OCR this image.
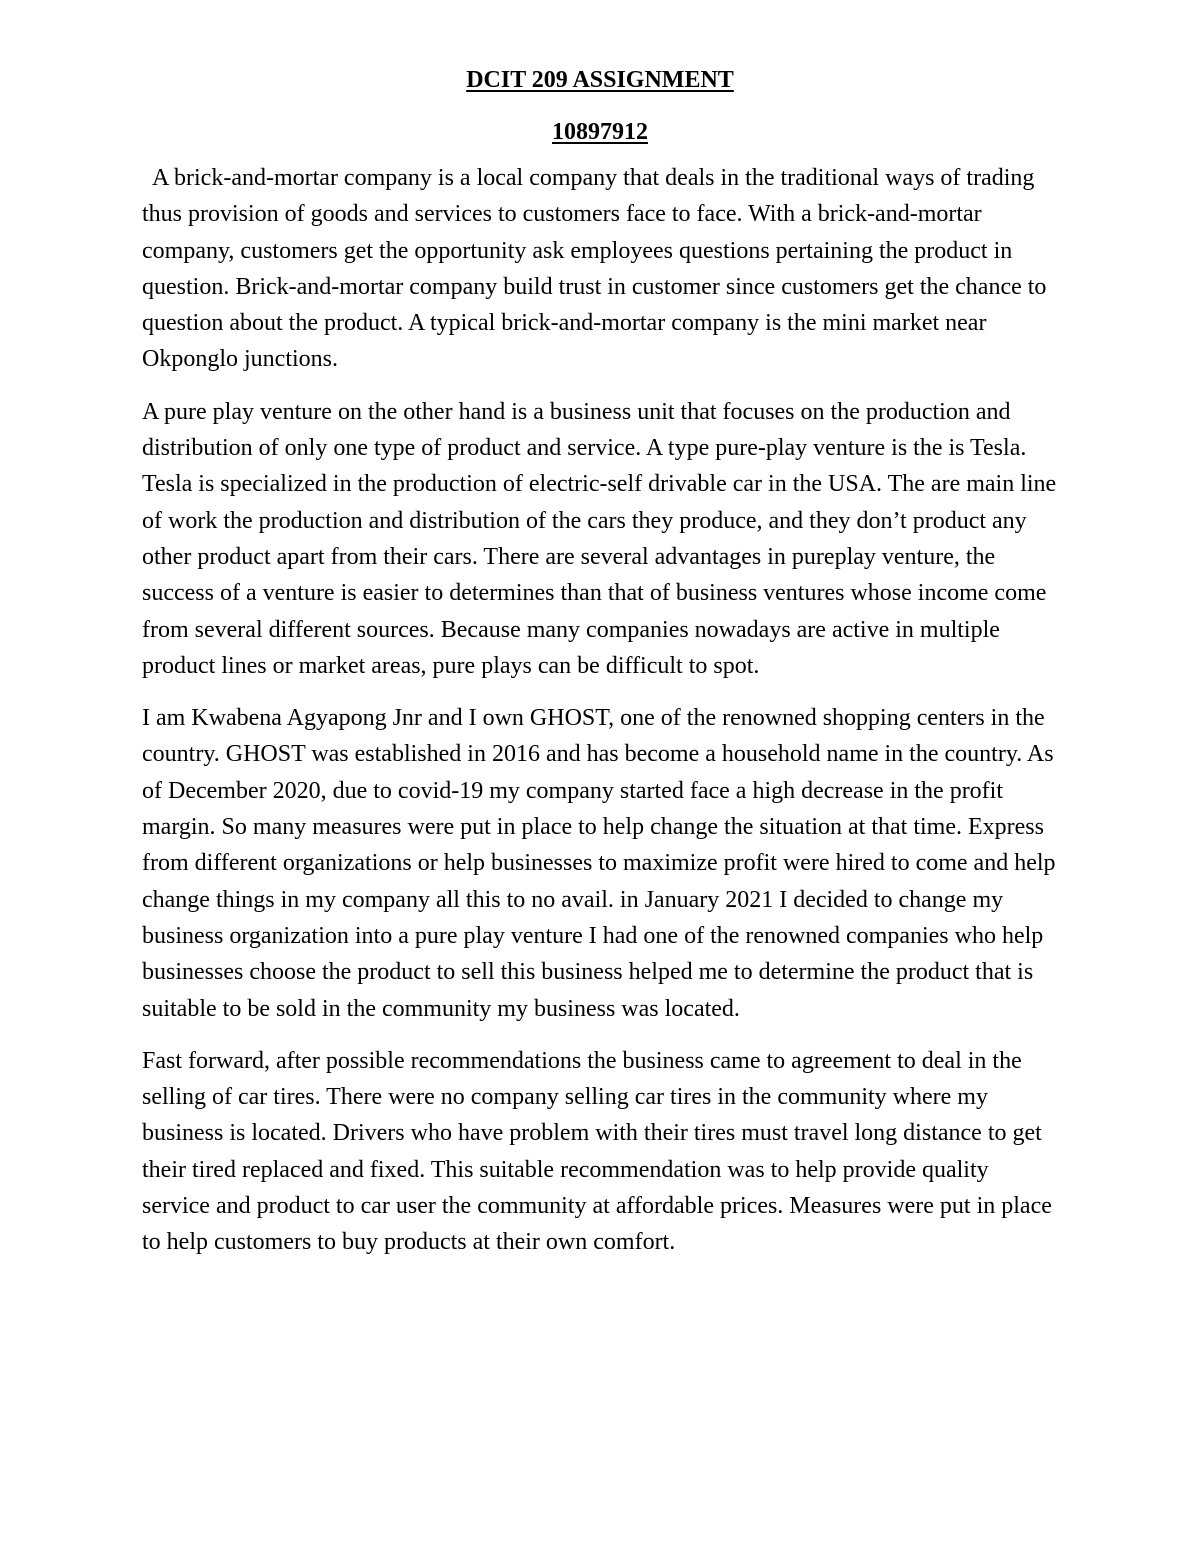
DCIT 209 ASSIGNMENT
10897912

A brick-and-mortar company is a local company that deals in the traditional ways of trading thus provision of goods and services to customers face to face. With a brick-and-mortar company, customers get the opportunity ask employees questions pertaining the product in question. Brick-and-mortar company build trust in customer since customers get the chance to question about the product. A typical brick-and-mortar company is the mini market near Okponglo junctions.

A pure play venture on the other hand is a business unit that focuses on the production and distribution of only one type of product and service. A type pure-play venture is the is Tesla. Tesla is specialized in the production of electric-self drivable car in the USA. The are main line of work the production and distribution of the cars they produce, and they don’t product any other product apart from their cars. There are several advantages in pureplay venture, the success of a venture is easier to determines than that of business ventures whose income come from several different sources. Because many companies nowadays are active in multiple product lines or market areas, pure plays can be difficult to spot.

I am Kwabena Agyapong Jnr and I own GHOST, one of the renowned shopping centers in the country. GHOST was established in 2016 and has become a household name in the country. As of December 2020, due to covid-19 my company started face a high decrease in the profit margin. So many measures were put in place to help change the situation at that time. Express from different organizations or help businesses to maximize profit were hired to come and help change things in my company all this to no avail. in January 2021 I decided to change my business organization into a pure play venture I had one of the renowned companies who help businesses choose the product to sell this business helped me to determine the product that is suitable to be sold in the community my business was located.

Fast forward, after possible recommendations the business came to agreement to deal in the selling of car tires. There were no company selling car tires in the community where my business is located. Drivers who have problem with their tires must travel long distance to get their tired replaced and fixed. This suitable recommendation was to help provide quality service and product to car user the community at affordable prices. Measures were put in place to help customers to buy products at their own comfort.
